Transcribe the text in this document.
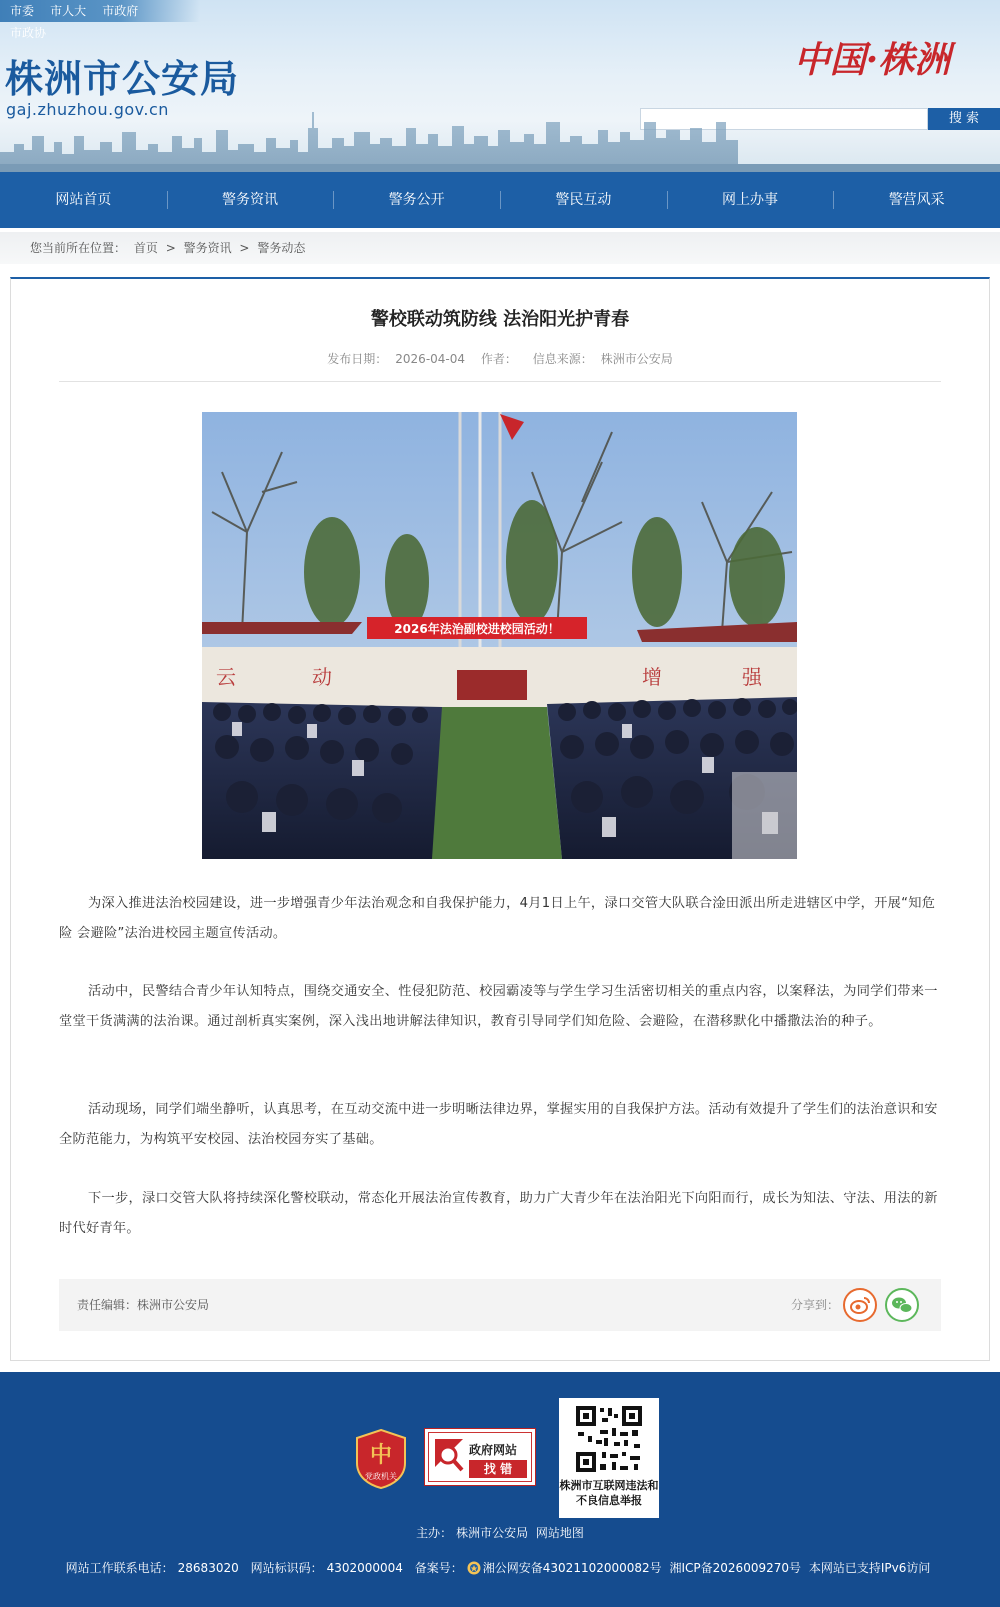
市委 市人大 市政府 市政协
株洲市公安局
gaj.zhuzhou.gov.cn
中国·株洲
搜 索
网站首页	警务资讯	警务公开	警民互动	网上办事	警营风采
您当前所在位置： 首页 > 警务资讯 > 警务动态
警校联动筑防线 法治阳光护青春
发布日期： 2026-04-04 作者： 信息来源： 株洲市公安局
2026年法治副校进校园活动！
云	动	增	强

为深入推进法治校园建设，进一步增强青少年法治观念和自我保护能力，4月1日上午，渌口交管大队联合淦田派出所走进辖区中学，开展“知危险 会避险”法治进校园主题宣传活动。

活动中，民警结合青少年认知特点，围绕交通安全、性侵犯防范、校园霸凌等与学生学习生活密切相关的重点内容，以案释法，为同学们带来一堂堂干货满满的法治课。通过剖析真实案例，深入浅出地讲解法律知识，教育引导同学们知危险、会避险，在潜移默化中播撒法治的种子。

活动现场，同学们端坐静听，认真思考，在互动交流中进一步明晰法律边界，掌握实用的自我保护方法。活动有效提升了学生们的法治意识和安全防范能力，为构筑平安校园、法治校园夯实了基础。

下一步，渌口交管大队将持续深化警校联动，常态化开展法治宣传教育，助力广大青少年在法治阳光下向阳而行，成长为知法、守法、用法的新时代好青年。

责任编辑：株洲市公安局	分享到：
中
党政机关
政府网站
找 错
株洲市互联网违法和不良信息举报
主办： 株洲市公安局 网站地图
网站工作联系电话： 28683020 网站标识码： 4302000004 备案号： 湘公网安备43021102000082号 湘ICP备2026009270号 本网站已支持IPv6访问
